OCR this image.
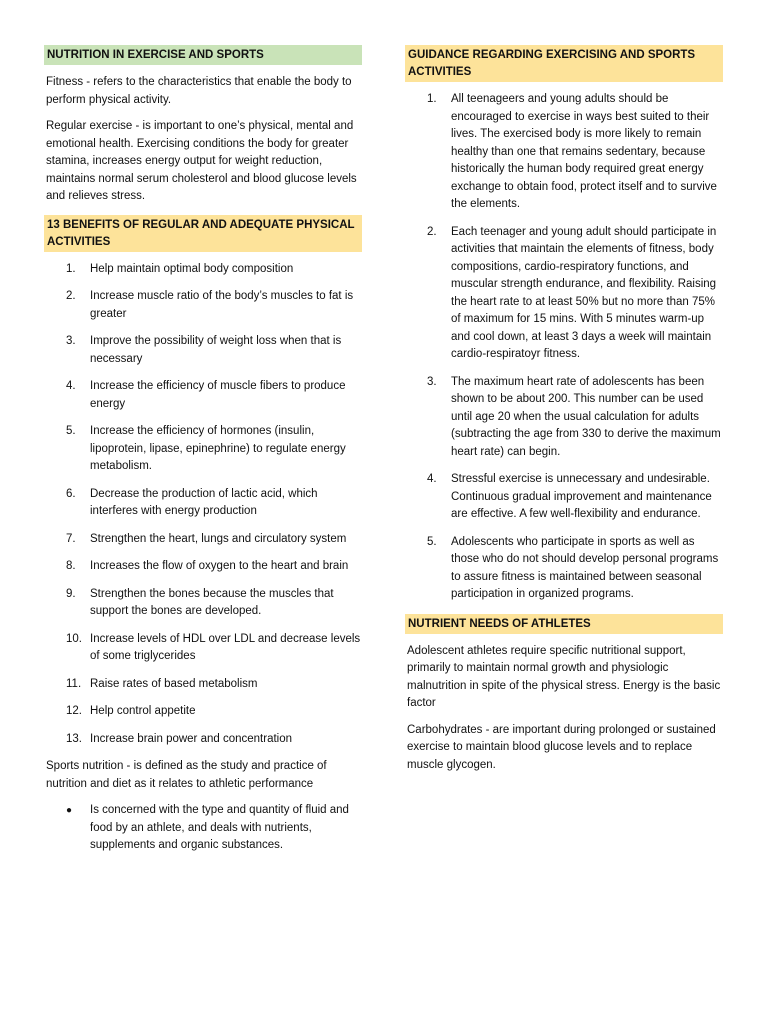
NUTRITION IN EXERCISE AND SPORTS

Fitness - refers to the characteristics that enable the body to perform physical activity.

Regular exercise - is important to one’s physical, mental and emotional health. Exercising conditions the body for greater stamina, increases energy output for weight reduction, maintains normal serum cholesterol and blood glucose levels and relieves stress.

13 BENEFITS OF REGULAR AND ADEQUATE PHYSICAL ACTIVITIES
1.	Help maintain optimal body composition
2.	Increase muscle ratio of the body’s muscles to fat is greater
3.	Improve the possibility of weight loss when that is necessary
4.	Increase the efficiency of muscle fibers to produce energy
5.	Increase the efficiency of hormones (insulin, lipoprotein, lipase, epinephrine) to regulate energy metabolism.
6.	Decrease the production of lactic acid, which interferes with energy production
7.	Strengthen the heart, lungs and circulatory system
8.	Increases the flow of oxygen to the heart and brain
9.	Strengthen the bones because the muscles that support the bones are developed.
10. Increase levels of HDL over LDL and decrease levels of some triglycerides
11. Raise rates of based metabolism
12. Help control appetite
13. Increase brain power and concentration

Sports nutrition - is defined as the study and practice of nutrition and diet as it relates to athletic performance

● Is concerned with the type and quantity of fluid and food by an athlete, and deals with nutrients, supplements and organic substances.
GUIDANCE REGARDING EXERCISING AND SPORTS ACTIVITIES
1.	All teenageers and young adults should be encouraged to exercise in ways best suited to their lives. The exercised body is more likely to remain healthy than one that remains sedentary, because historically the human body required great energy exchange to obtain food, protect itself and to survive the elements.
2.	Each teenager and young adult should participate in activities that maintain the elements of fitness, body compositions, cardio-respiratory functions, and muscular strength endurance, and flexibility. Raising the heart rate to at least 50% but no more than 75% of maximum for 15 mins. With 5 minutes warm-up and cool down, at least 3 days a week will maintain cardio-respiratoyr fitness.
3.	The maximum heart rate of adolescents has been shown to be about 200. This number can be used until age 20 when the usual calculation for adults (subtracting the age from 330 to derive the maximum heart rate) can begin.
4.	Stressful exercise is unnecessary and undesirable. Continuous gradual improvement and maintenance are effective. A few well-flexibility and endurance.
5.	Adolescents who participate in sports as well as those who do not should develop personal programs to assure fitness is maintained between seasonal participation in organized programs.
NUTRIENT NEEDS OF ATHLETES

Adolescent athletes require specific nutritional support, primarily to maintain normal growth and physiologic malnutrition in spite of the physical stress. Energy is the basic factor

Carbohydrates - are important during prolonged or sustained exercise to maintain blood glucose levels and to replace muscle glycogen.
